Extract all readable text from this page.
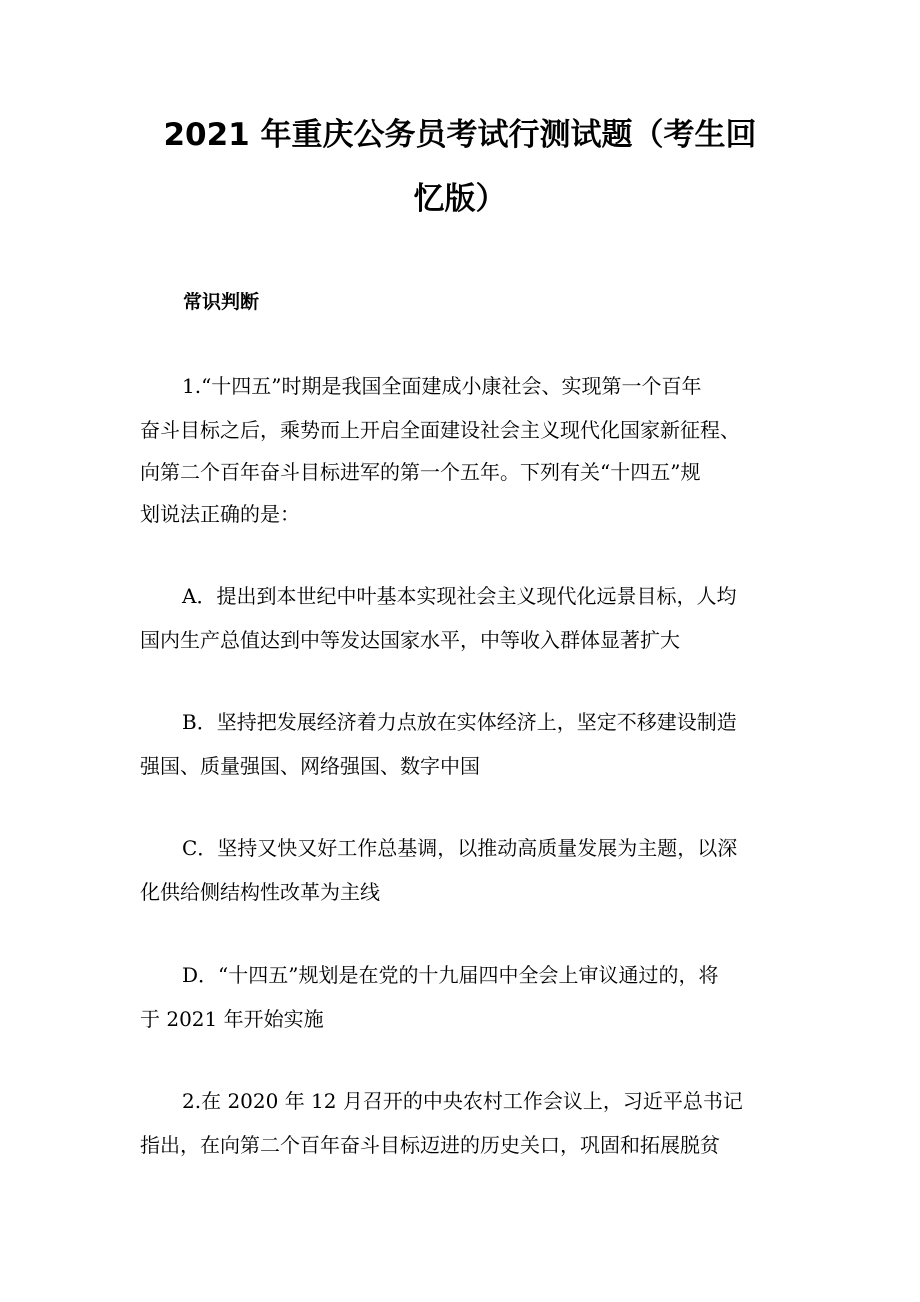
2021 年重庆公务员考试行测试题（考生回
忆版）
常识判断
1.“十四五”时期是我国全面建成小康社会、实现第一个百年
奋斗目标之后，乘势而上开启全面建设社会主义现代化国家新征程、
向第二个百年奋斗目标进军的第一个五年。下列有关“十四五”规
划说法正确的是：
A．提出到本世纪中叶基本实现社会主义现代化远景目标，人均
国内生产总值达到中等发达国家水平，中等收入群体显著扩大
B．坚持把发展经济着力点放在实体经济上，坚定不移建设制造
强国、质量强国、网络强国、数字中国
C．坚持又快又好工作总基调，以推动高质量发展为主题，以深
化供给侧结构性改革为主线
D．“十四五”规划是在党的十九届四中全会上审议通过的，将
于 2021 年开始实施
2.在 2020 年 12 月召开的中央农村工作会议上，习近平总书记
指出，在向第二个百年奋斗目标迈进的历史关口，巩固和拓展脱贫
